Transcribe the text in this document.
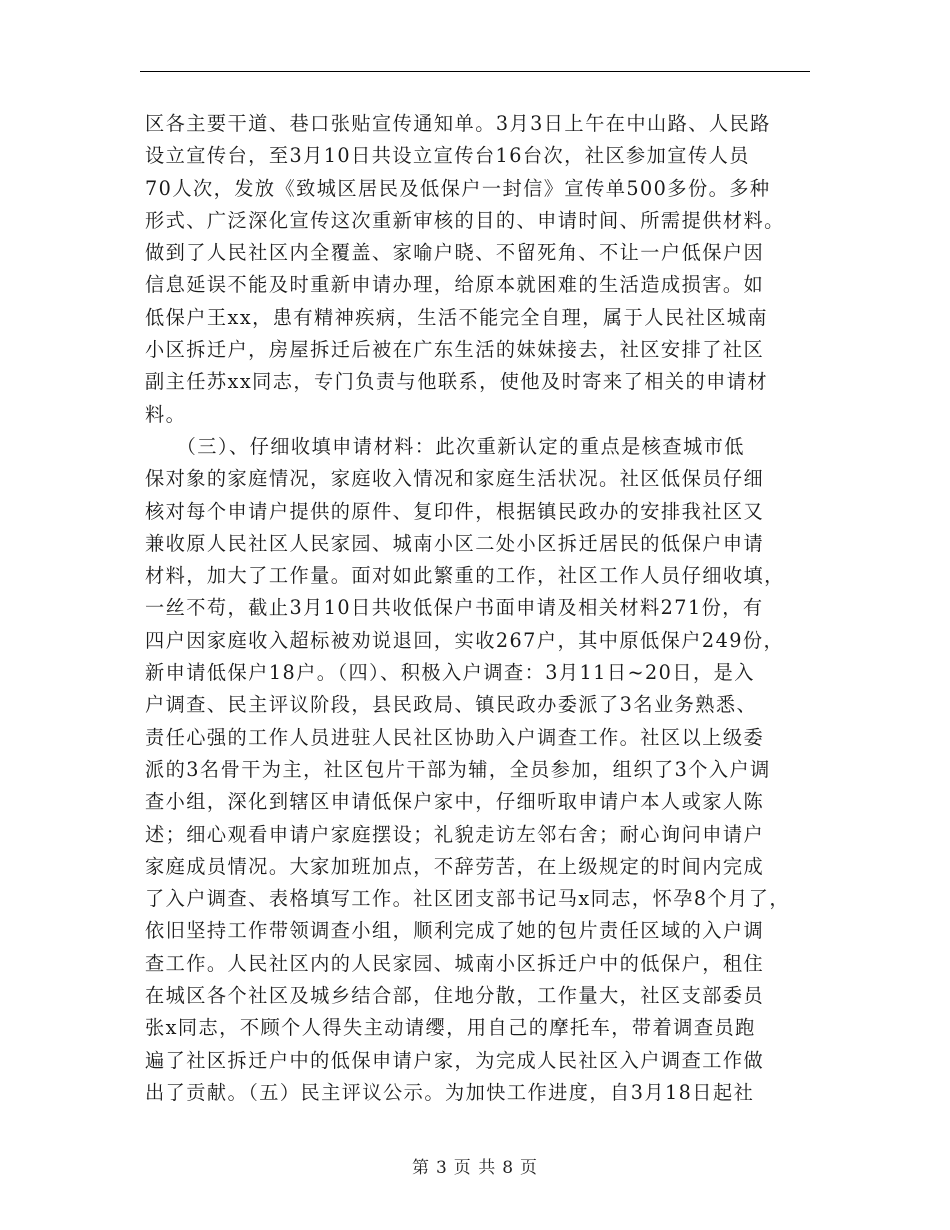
区各主要干道、巷口张贴宣传通知单。3月3日上午在中山路、人民路
设立宣传台，至3月10日共设立宣传台16台次，社区参加宣传人员
70人次，发放《致城区居民及低保户一封信》宣传单500多份。多种
形式、广泛深化宣传这次重新审核的目的、申请时间、所需提供材料。
做到了人民社区内全覆盖、家喻户晓、不留死角、不让一户低保户因
信息延误不能及时重新申请办理，给原本就困难的生活造成损害。如
低保户王xx，患有精神疾病，生活不能完全自理，属于人民社区城南
小区拆迁户，房屋拆迁后被在广东生活的妹妹接去，社区安排了社区
副主任苏xx同志，专门负责与他联系，使他及时寄来了相关的申请材
料。
　　（三）、仔细收填申请材料：此次重新认定的重点是核查城市低
保对象的家庭情况，家庭收入情况和家庭生活状况。社区低保员仔细
核对每个申请户提供的原件、复印件，根据镇民政办的安排我社区又
兼收原人民社区人民家园、城南小区二处小区拆迁居民的低保户申请
材料，加大了工作量。面对如此繁重的工作，社区工作人员仔细收填，
一丝不苟，截止3月10日共收低保户书面申请及相关材料271份，有
四户因家庭收入超标被劝说退回，实收267户，其中原低保户249份，
新申请低保户18户。（四）、积极入户调查：3月11日~20日，是入
户调查、民主评议阶段，县民政局、镇民政办委派了3名业务熟悉、
责任心强的工作人员进驻人民社区协助入户调查工作。社区以上级委
派的3名骨干为主，社区包片干部为辅，全员参加，组织了3个入户调
查小组，深化到辖区申请低保户家中，仔细听取申请户本人或家人陈
述；细心观看申请户家庭摆设；礼貌走访左邻右舍；耐心询问申请户
家庭成员情况。大家加班加点，不辞劳苦，在上级规定的时间内完成
了入户调查、表格填写工作。社区团支部书记马x同志，怀孕8个月了，
依旧坚持工作带领调查小组，顺利完成了她的包片责任区域的入户调
查工作。人民社区内的人民家园、城南小区拆迁户中的低保户，租住
在城区各个社区及城乡结合部，住地分散，工作量大，社区支部委员
张x同志，不顾个人得失主动请缨，用自己的摩托车，带着调查员跑
遍了社区拆迁户中的低保申请户家，为完成人民社区入户调查工作做
出了贡献。（五）民主评议公示。为加快工作进度，自3月18日起社
第 3 页 共 8 页
